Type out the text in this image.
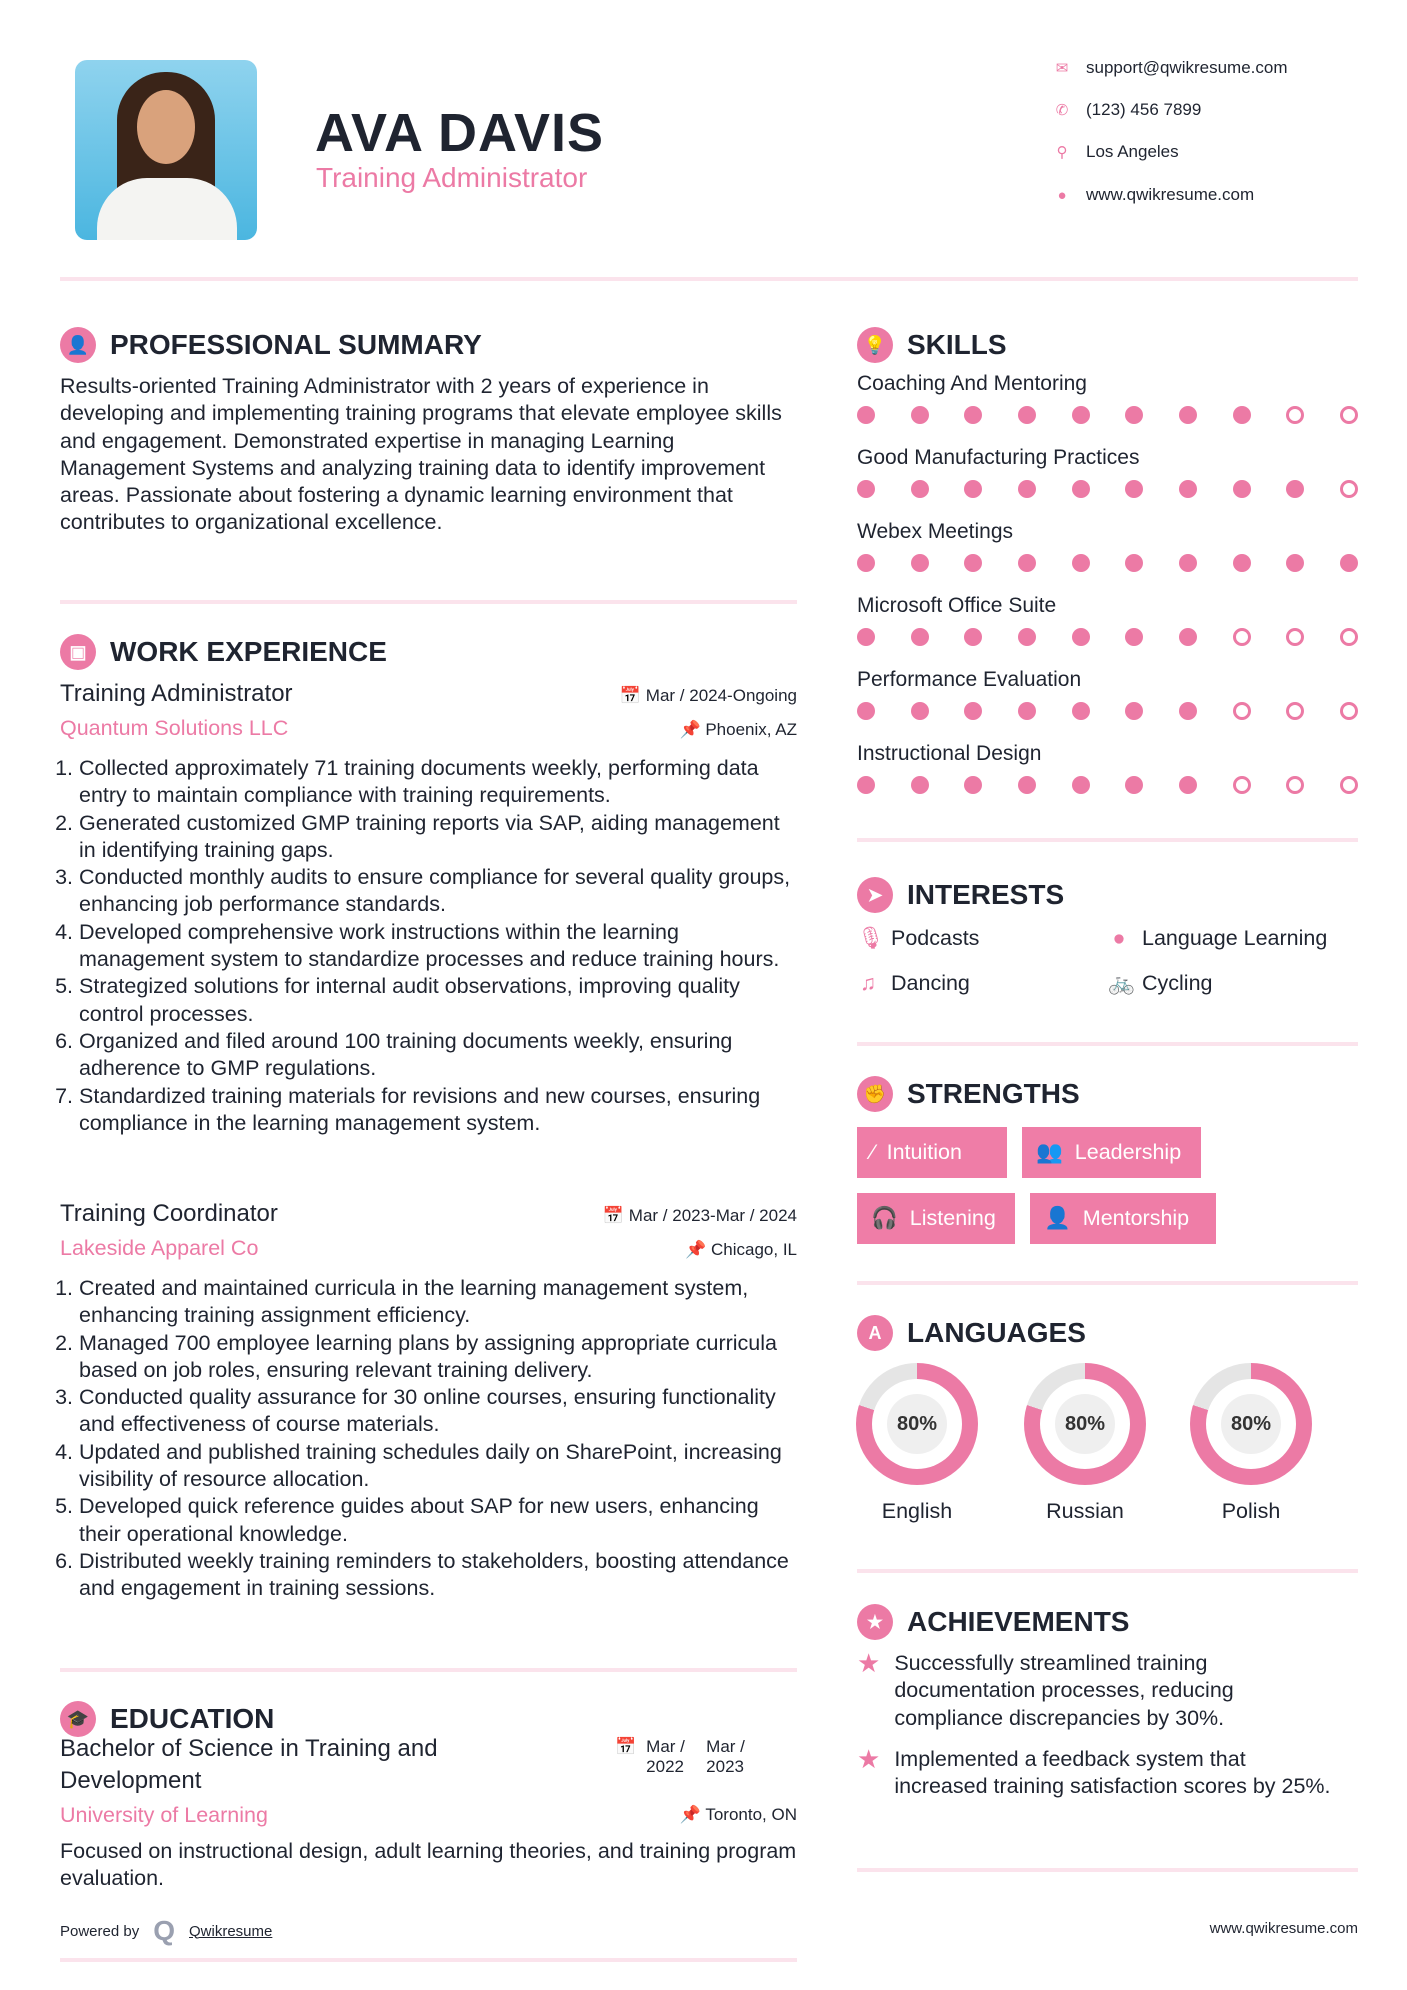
AVA DAVIS
Training Administrator
✉ support@qwikresume.com
✆ (123) 456 7899
⚲ Los Angeles
●	www.qwikresume.com
👤 PROFESSIONAL SUMMARY

Results-oriented Training Administrator with 2 years of experience in developing and implementing training programs that elevate employee skills and engagement. Demonstrated expertise in managing Learning Management Systems and analyzing training data to identify improvement areas. Passionate about fostering a dynamic learning environment that contributes to organizational excellence.

▣ WORK EXPERIENCE
Training Administrator	📅 Mar / 2024-Ongoing
Quantum Solutions LLC	📌 Phoenix, AZ
1. Collected approximately 71 training documents weekly, performing data entry to maintain compliance with training requirements.
2. Generated customized GMP training reports via SAP, aiding management in identifying training gaps.
3. Conducted monthly audits to ensure compliance for several quality groups, enhancing job performance standards.
4. Developed comprehensive work instructions within the learning management system to standardize processes and reduce training hours.
5. Strategized solutions for internal audit observations, improving quality control processes.
6. Organized and filed around 100 training documents weekly, ensuring adherence to GMP regulations.
7. Standardized training materials for revisions and new courses, ensuring compliance in the learning management system.
Training Coordinator	📅 Mar / 2023-Mar / 2024
Lakeside Apparel Co	📌 Chicago, IL
1. Created and maintained curricula in the learning management system, enhancing training assignment efficiency.
2. Managed 700 employee learning plans by assigning appropriate curricula based on job roles, ensuring relevant training delivery.
3. Conducted quality assurance for 30 online courses, ensuring functionality and effectiveness of course materials.
4. Updated and published training schedules daily on SharePoint, increasing visibility of resource allocation.
5. Developed quick reference guides about SAP for new users, enhancing their operational knowledge.
6. Distributed weekly training reminders to stakeholders, boosting attendance and engagement in training sessions.
🎓 EDUCATION
Bachelor of Science in Training and Development
📅 Mar / 2022
Mar / 2023
University of Learning	📌 Toronto, ON

Focused on instructional design, adult learning theories, and training program evaluation.

Powered by Q Qwikresume
💡 SKILLS
Coaching And Mentoring
Good Manufacturing Practices
Webex Meetings
Microsoft Office Suite
Performance Evaluation
Instructional Design
➤ INTERESTS
🎙 Podcasts	● Language Learning
♫ Dancing	🚲 Cycling
✊ STRENGTHS
⁄ Intuition	👥 Leadership
🎧 Listening 👤 Mentorship
A LANGUAGES
80%	80%	80%
English	Russian	Polish
★ ACHIEVEMENTS
★ Successfully streamlined training documentation processes, reducing compliance discrepancies by 30%.
★ Implemented a feedback system that increased training satisfaction scores by 25%.
www.qwikresume.com
